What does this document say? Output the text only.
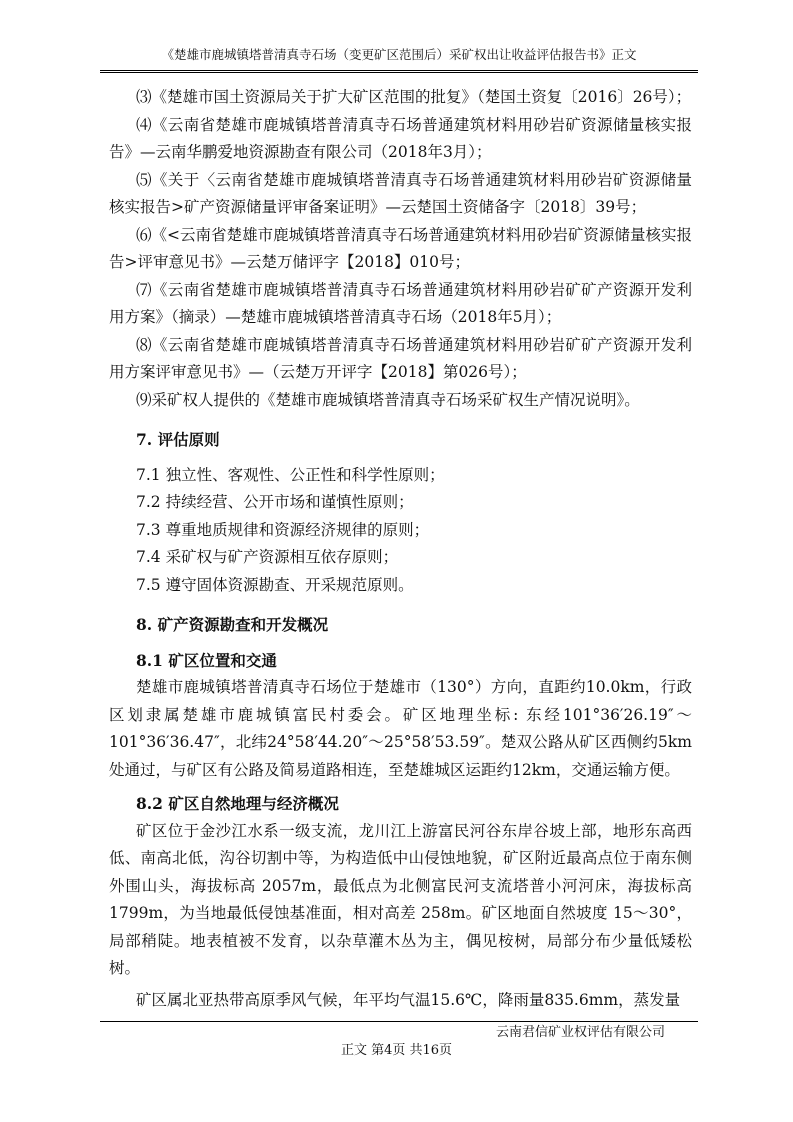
《楚雄市鹿城镇塔普清真寺石场（变更矿区范围后）采矿权出让收益评估报告书》正文

⑶《楚雄市国土资源局关于扩大矿区范围的批复》（楚国土资复〔2016〕26号）；

⑷《云南省楚雄市鹿城镇塔普清真寺石场普通建筑材料用砂岩矿资源储量核实报告》—云南华鹏爱地资源勘查有限公司（2018年3月）；

⑸《关于〈云南省楚雄市鹿城镇塔普清真寺石场普通建筑材料用砂岩矿资源储量核实报告>矿产资源储量评审备案证明》—云楚国土资储备字〔2018〕39号；

⑹《<云南省楚雄市鹿城镇塔普清真寺石场普通建筑材料用砂岩矿资源储量核实报告>评审意见书》—云楚万储评字【2018】010号；

⑺《云南省楚雄市鹿城镇塔普清真寺石场普通建筑材料用砂岩矿矿产资源开发利用方案》（摘录）—楚雄市鹿城镇塔普清真寺石场（2018年5月）；

⑻《云南省楚雄市鹿城镇塔普清真寺石场普通建筑材料用砂岩矿矿产资源开发利用方案评审意见书》—（云楚万开评字【2018】第026号）；

⑼采矿权人提供的《楚雄市鹿城镇塔普清真寺石场采矿权生产情况说明》。

7. 评估原则

7.1 独立性、客观性、公正性和科学性原则；

7.2 持续经营、公开市场和谨慎性原则；

7.3 尊重地质规律和资源经济规律的原则；

7.4 采矿权与矿产资源相互依存原则；

7.5 遵守固体资源勘查、开采规范原则。

8. 矿产资源勘查和开发概况

8.1 矿区位置和交通

楚雄市鹿城镇塔普清真寺石场位于楚雄市（130°）方向，直距约10.0km，行政区划隶属楚雄市鹿城镇富民村委会。矿区地理坐标: 东经101°36′26.19″～101°36′36.47″，北纬24°58′44.20″～25°58′53.59″。楚双公路从矿区西侧约5km处通过，与矿区有公路及简易道路相连，至楚雄城区运距约12km，交通运输方便。

8.2 矿区自然地理与经济概况

矿区位于金沙江水系一级支流，龙川江上游富民河谷东岸谷坡上部，地形东高西低、南高北低，沟谷切割中等，为构造低中山侵蚀地貌，矿区附近最高点位于南东侧外围山头，海拔标高 2057m，最低点为北侧富民河支流塔普小河河床，海拔标高 1799m，为当地最低侵蚀基准面，相对高差 258m。矿区地面自然坡度 15～30°，局部稍陡。地表植被不发育，以杂草灌木丛为主，偶见桉树，局部分布少量低矮松树。

矿区属北亚热带高原季风气候，年平均气温15.6℃，降雨量835.6mm，蒸发量

云南君信矿业权评估有限公司
正文 第4页 共16页
